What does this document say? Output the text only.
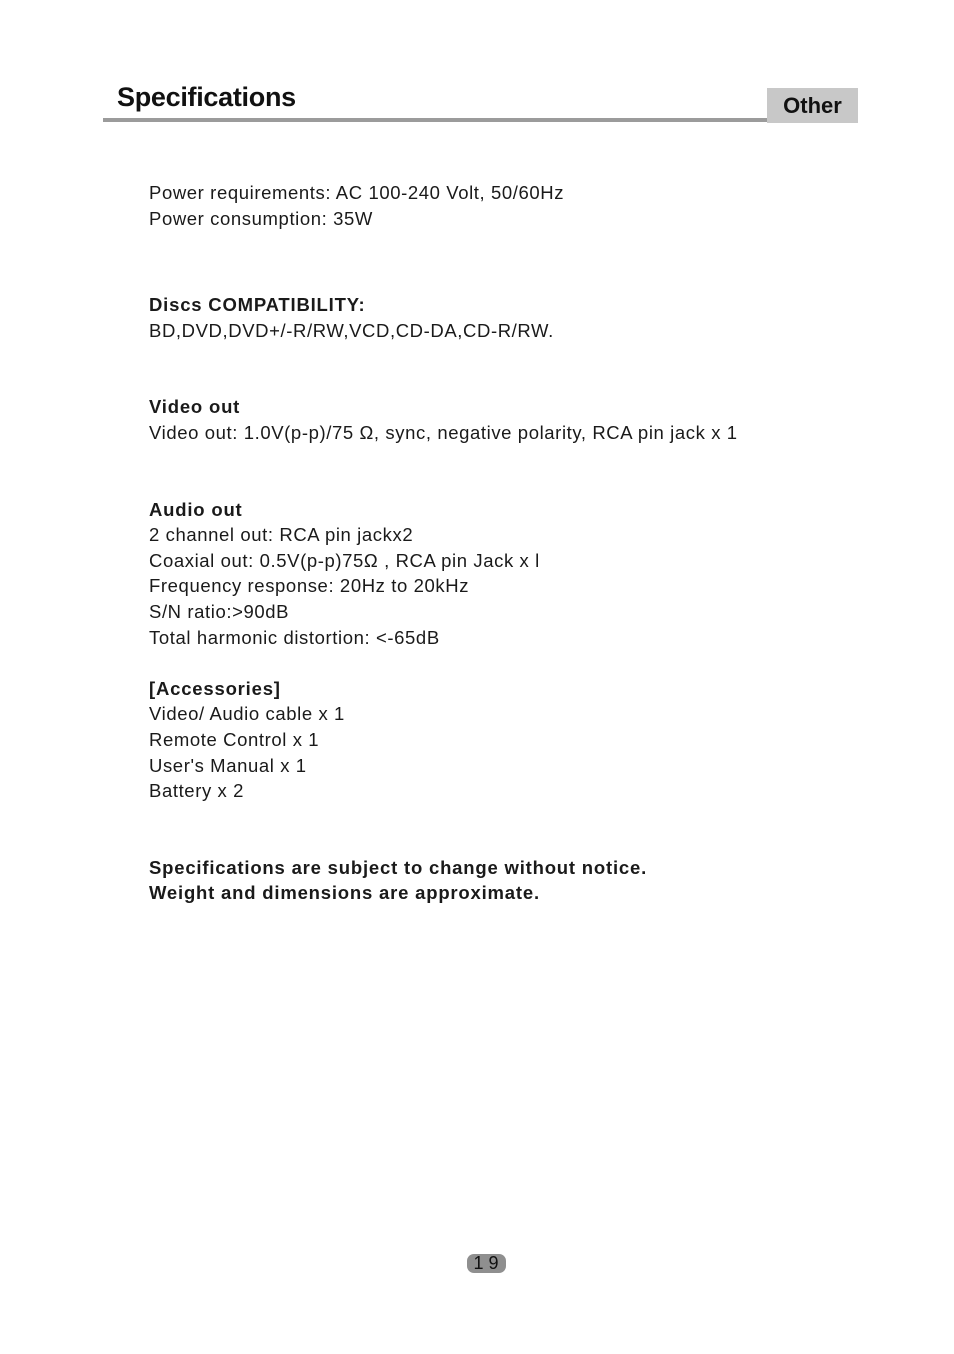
Specifications	Other
Power requirements: AC 100-240 Volt, 50/60Hz
Power consumption: 35W
Discs COMPATIBILITY:
BD,DVD,DVD+/-R/RW,VCD,CD-DA,CD-R/RW.
Video out
Video out: 1.0V(p-p)/75 Ω, sync, negative polarity, RCA pin jack x 1
Audio out
2 channel out: RCA pin jackx2
Coaxial out: 0.5V(p-p)75Ω , RCA pin Jack x l
Frequency response: 20Hz to 20kHz
S/N ratio:>90dB
Total harmonic distortion: <-65dB
[Accessories]
Video/ Audio cable x 1
Remote Control x 1
User's Manual x 1
Battery x 2
Specifications are subject to change without notice.
Weight and dimensions are approximate.
19
